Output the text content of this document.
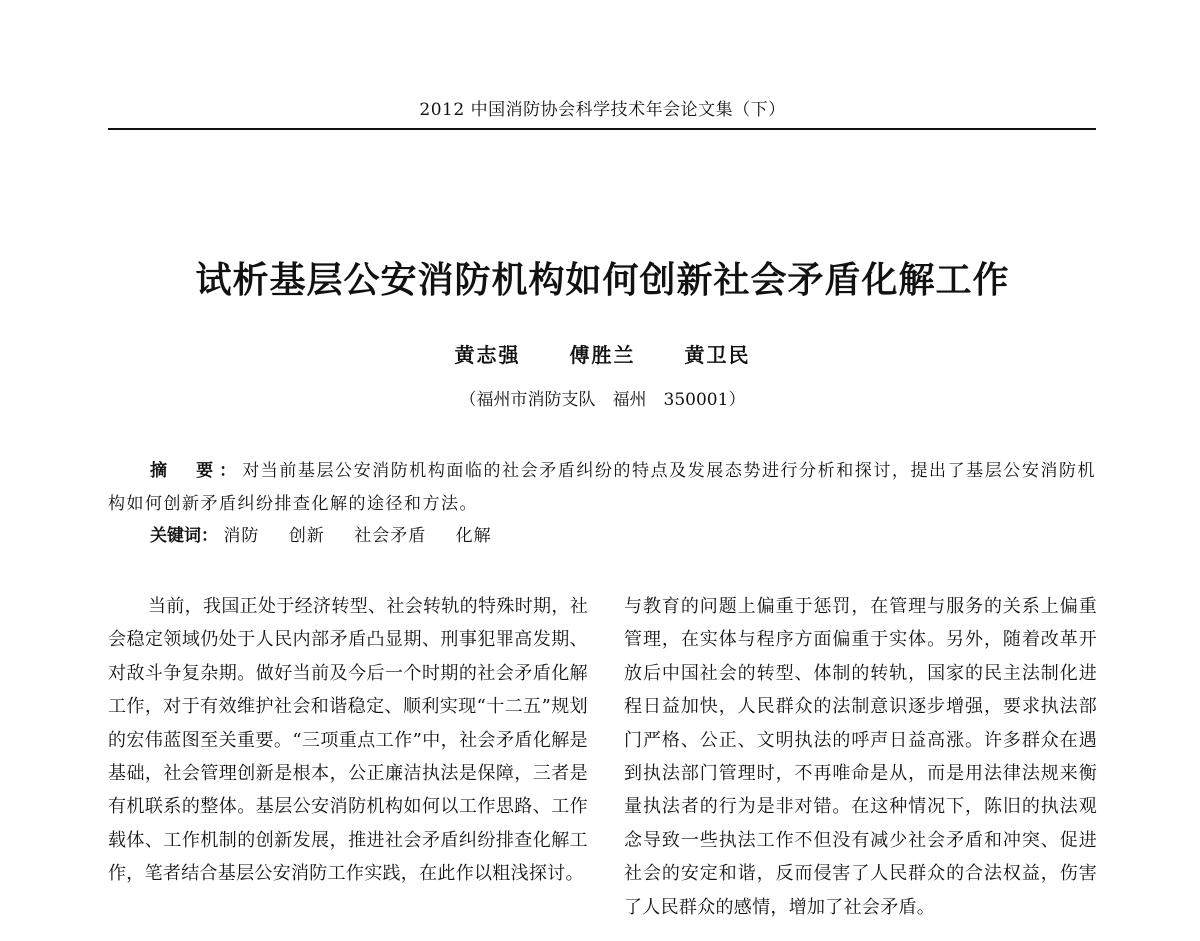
2012 中国消防协会科学技术年会论文集（下）
试析基层公安消防机构如何创新社会矛盾化解工作
黄志强 傅胜兰 黄卫民
（福州市消防支队　福州　350001）
摘　要：对当前基层公安消防机构面临的社会矛盾纠纷的特点及发展态势进行分析和探讨，提出了基层公安消防机构如何创新矛盾纠纷排查化解的途径和方法。
关键词： 消防 创新 社会矛盾 化解
当前，我国正处于经济转型、社会转轨的特殊时期，社会稳定领域仍处于人民内部矛盾凸显期、刑事犯罪高发期、对敌斗争复杂期。做好当前及今后一个时期的社会矛盾化解工作，对于有效维护社会和谐稳定、顺利实现“十二五”规划的宏伟蓝图至关重要。“三项重点工作”中，社会矛盾化解是基础，社会管理创新是根本，公正廉洁执法是保障，三者是有机联系的整体。基层公安消防机构如何以工作思路、工作载体、工作机制的创新发展，推进社会矛盾纠纷排查化解工作，笔者结合基层公安消防工作实践，在此作以粗浅探讨。
与教育的问题上偏重于惩罚，在管理与服务的关系上偏重管理，在实体与程序方面偏重于实体。另外，随着改革开放后中国社会的转型、体制的转轨，国家的民主法制化进程日益加快，人民群众的法制意识逐步增强，要求执法部门严格、公正、文明执法的呼声日益高涨。许多群众在遇到执法部门管理时，不再唯命是从，而是用法律法规来衡量执法者的行为是非对错。在这种情况下，陈旧的执法观念导致一些执法工作不但没有减少社会矛盾和冲突、促进社会的安定和谐，反而侵害了人民群众的合法权益，伤害了人民群众的感情，增加了社会矛盾。
